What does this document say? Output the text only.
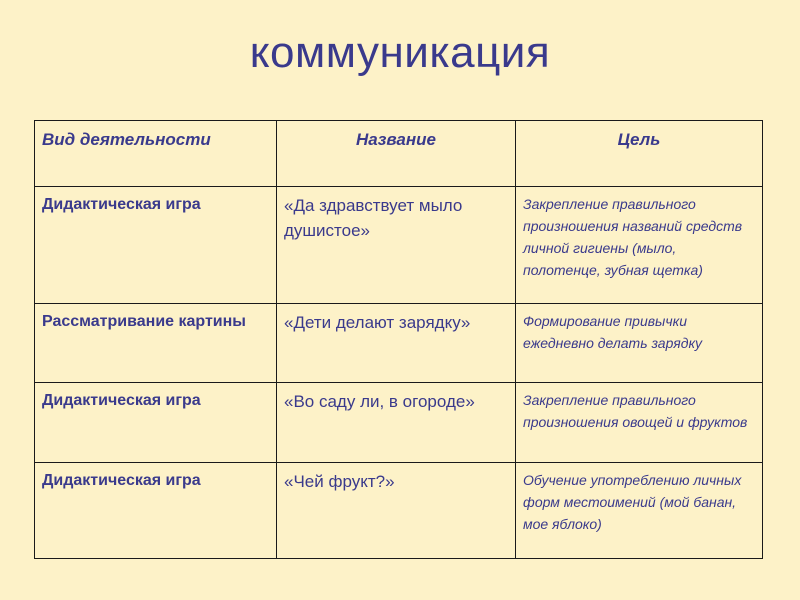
коммуникация
Вид деятельности	Название	Цель
Дидактическая игра	«Да здравствует мыло душистое»	Закрепление правильного произношения названий средств личной гигиены (мыло, полотенце, зубная щетка)
Рассматривание картины	«Дети делают зарядку»	Формирование привычки ежедневно делать зарядку
Дидактическая игра	«Во саду ли, в огороде»	Закрепление правильного произношения овощей и фруктов
Дидактическая игра	«Чей фрукт?»	Обучение употреблению личных форм местоимений (мой банан, мое яблоко)
